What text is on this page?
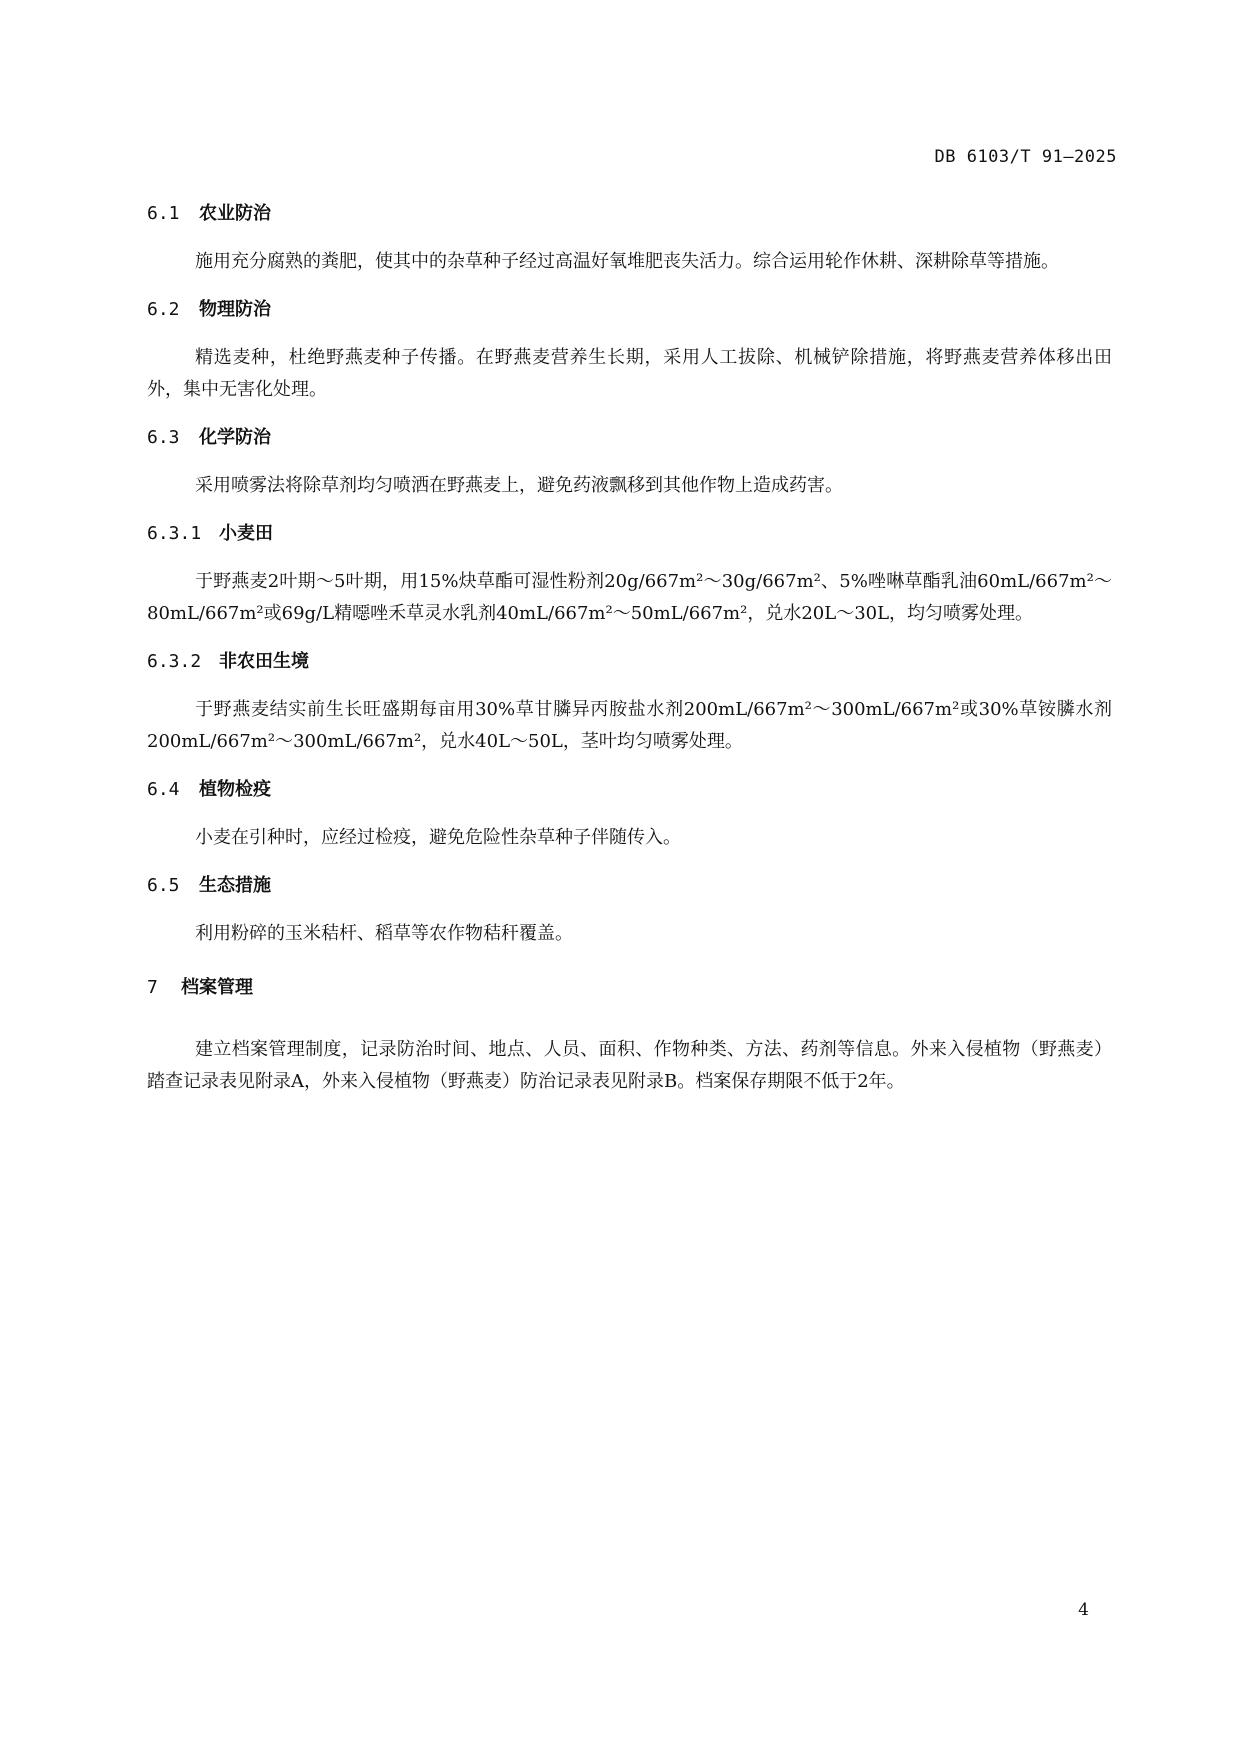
DB 6103/T 91—2025
6.1 农业防治

施用充分腐熟的粪肥，使其中的杂草种子经过高温好氧堆肥丧失活力。综合运用轮作休耕、深耕除草等措施。

6.2 物理防治

精选麦种，杜绝野燕麦种子传播。在野燕麦营养生长期，采用人工拔除、机械铲除措施，将野燕麦营养体移出田外，集中无害化处理。

6.3 化学防治

采用喷雾法将除草剂均匀喷洒在野燕麦上，避免药液飘移到其他作物上造成药害。

6.3.1 小麦田

于野燕麦2叶期～5叶期，用15%炔草酯可湿性粉剂20g/667m²～30g/667m²、5%唑啉草酯乳油60mL/667m²～80mL/667m²或69g/L精噁唑禾草灵水乳剂40mL/667m²～50mL/667m²，兑水20L～30L，均匀喷雾处理。

6.3.2 非农田生境

于野燕麦结实前生长旺盛期每亩用30%草甘膦异丙胺盐水剂200mL/667m²～300mL/667m²或30%草铵膦水剂200mL/667m²～300mL/667m²，兑水40L～50L，茎叶均匀喷雾处理。

6.4 植物检疫

小麦在引种时，应经过检疫，避免危险性杂草种子伴随传入。

6.5 生态措施

利用粉碎的玉米秸杆、稻草等农作物秸秆覆盖。

7 档案管理

建立档案管理制度，记录防治时间、地点、人员、面积、作物种类、方法、药剂等信息。外来入侵植物（野燕麦）踏查记录表见附录A，外来入侵植物（野燕麦）防治记录表见附录B。档案保存期限不低于2年。

4
